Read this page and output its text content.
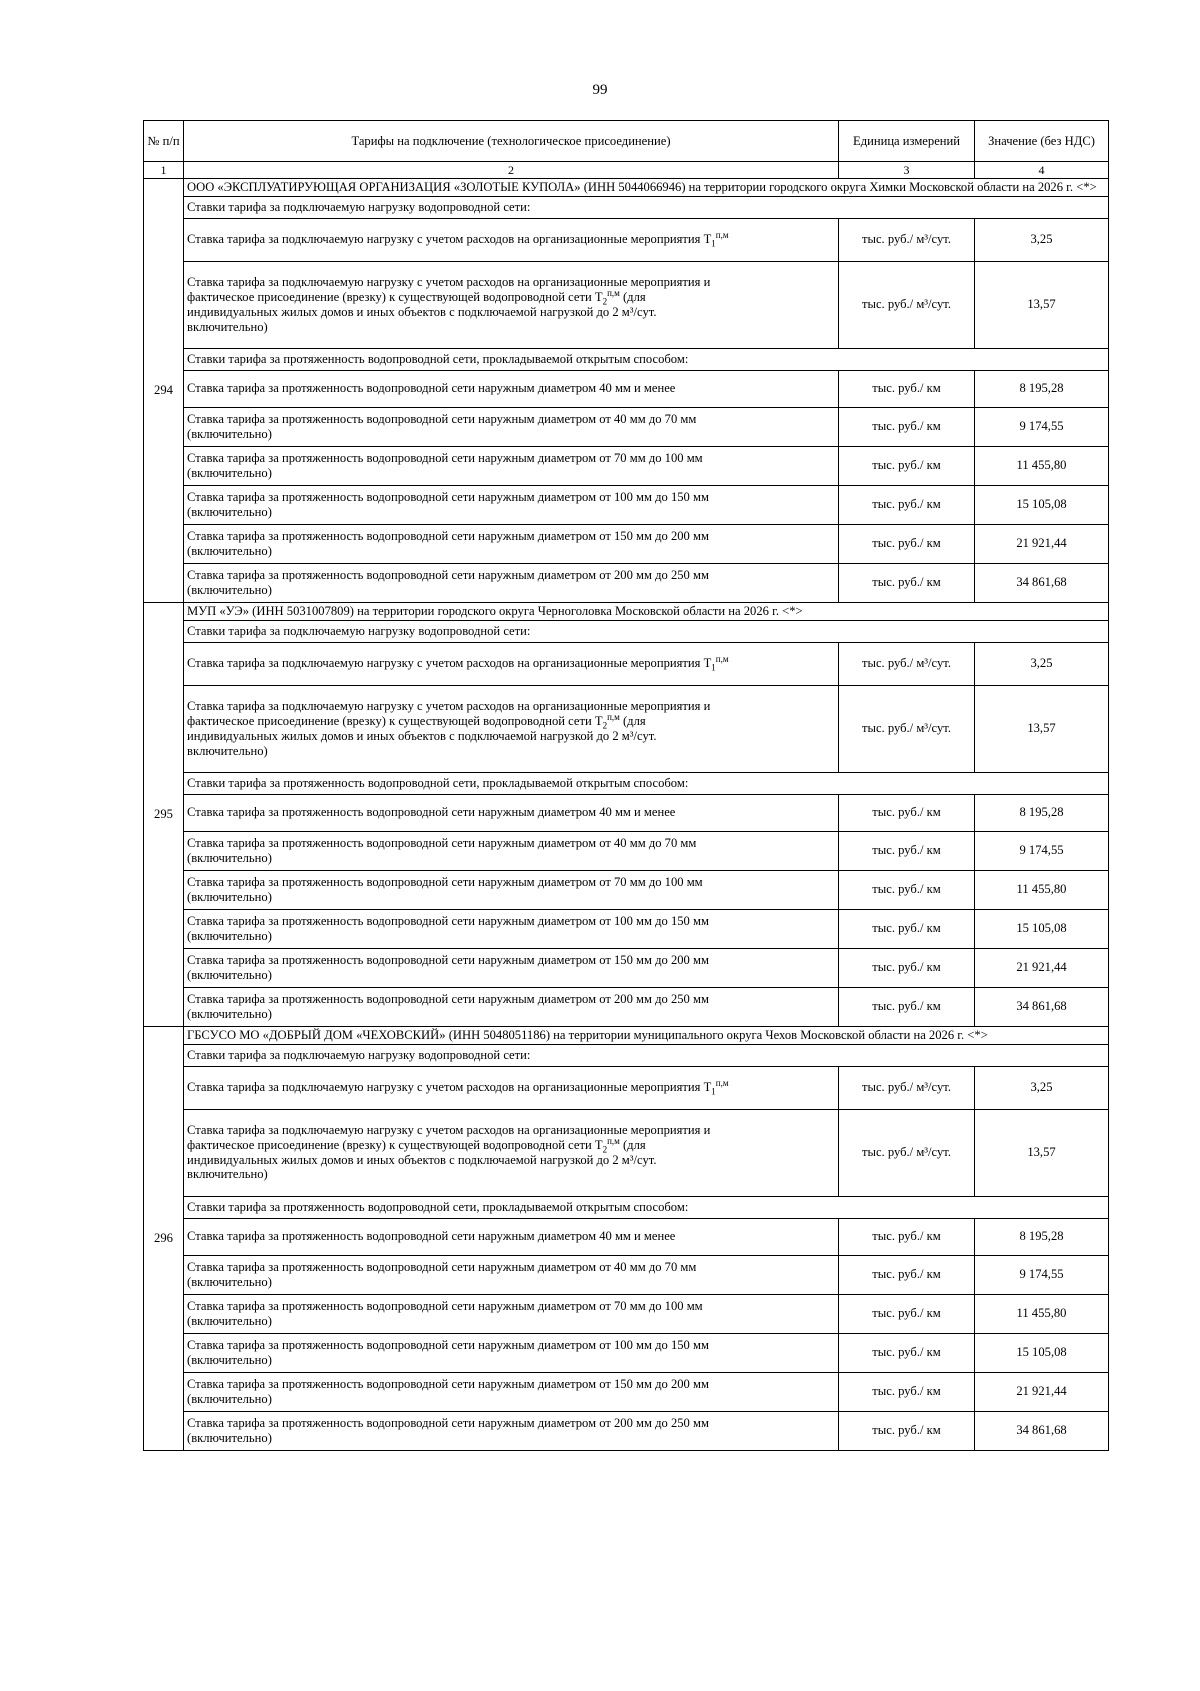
99
№ п/п	Тарифы на подключение (технологическое присоединение)	Единица измерений	Значение (без НДС)
1	2	3	4
294	ООО «ЭКСПЛУАТИРУЮЩАЯ ОРГАНИЗАЦИЯ «ЗОЛОТЫЕ КУПОЛА» (ИНН 5044066946) на территории городского округа Химки Московской области на 2026 г. <*>		
	Ставки тарифа за подключаемую нагрузку водопроводной сети:		
	Ставка тарифа за подключаемую нагрузку с учетом расходов на организационные мероприятия $T_1^{п,м}$	тыс. руб./ м³/сут.	3,25

	Ставка тарифа за подключаемую нагрузку с учетом расходов на организационные мероприятия и
фактическое присоединение (врезку) к существующей водопроводной сети $T_2^{п,м}$ (для
индивидуальных жилых домов и иных объектов с подключаемой нагрузкой до 2 м³/сут.
включительно)	тыс. руб./ м³/сут.	13,57
	Ставки тарифа за протяженность водопроводной сети, прокладываемой открытым способом:		

	Ставка тарифа за протяженность водопроводной сети наружным диаметром 40 мм и менее	тыс. руб./ км	8 195,28

	Ставка тарифа за протяженность водопроводной сети наружным диаметром от 40 мм до 70 мм
(включительно)	тыс. руб./ км	9 174,55

	Ставка тарифа за протяженность водопроводной сети наружным диаметром от 70 мм до 100 мм
(включительно)	тыс. руб./ км	11 455,80

	Ставка тарифа за протяженность водопроводной сети наружным диаметром от 100 мм до 150 мм
(включительно)	тыс. руб./ км	15 105,08

	Ставка тарифа за протяженность водопроводной сети наружным диаметром от 150 мм до 200 мм
(включительно)	тыс. руб./ км	21 921,44

	Ставка тарифа за протяженность водопроводной сети наружным диаметром от 200 мм до 250 мм
(включительно)	тыс. руб./ км	34 861,68
295	МУП «УЭ» (ИНН 5031007809) на территории городского округа Черноголовка Московской области на 2026 г. <*>		
	Ставки тарифа за подключаемую нагрузку водопроводной сети:		
	Ставка тарифа за подключаемую нагрузку с учетом расходов на организационные мероприятия $T_1^{п,м}$	тыс. руб./ м³/сут.	3,25

	Ставка тарифа за подключаемую нагрузку с учетом расходов на организационные мероприятия и
фактическое присоединение (врезку) к существующей водопроводной сети $T_2^{п,м}$ (для
индивидуальных жилых домов и иных объектов с подключаемой нагрузкой до 2 м³/сут.
включительно)	тыс. руб./ м³/сут.	13,57
	Ставки тарифа за протяженность водопроводной сети, прокладываемой открытым способом:		

	Ставка тарифа за протяженность водопроводной сети наружным диаметром 40 мм и менее	тыс. руб./ км	8 195,28

	Ставка тарифа за протяженность водопроводной сети наружным диаметром от 40 мм до 70 мм
(включительно)	тыс. руб./ км	9 174,55

	Ставка тарифа за протяженность водопроводной сети наружным диаметром от 70 мм до 100 мм
(включительно)	тыс. руб./ км	11 455,80

	Ставка тарифа за протяженность водопроводной сети наружным диаметром от 100 мм до 150 мм
(включительно)	тыс. руб./ км	15 105,08

	Ставка тарифа за протяженность водопроводной сети наружным диаметром от 150 мм до 200 мм
(включительно)	тыс. руб./ км	21 921,44

	Ставка тарифа за протяженность водопроводной сети наружным диаметром от 200 мм до 250 мм
(включительно)	тыс. руб./ км	34 861,68
296	ГБСУСО МО «ДОБРЫЙ ДОМ «ЧЕХОВСКИЙ» (ИНН 5048051186) на территории муниципального округа Чехов Московской области на 2026 г. <*>		
	Ставки тарифа за подключаемую нагрузку водопроводной сети:		
	Ставка тарифа за подключаемую нагрузку с учетом расходов на организационные мероприятия $T_1^{п,м}$	тыс. руб./ м³/сут.	3,25

	Ставка тарифа за подключаемую нагрузку с учетом расходов на организационные мероприятия и
фактическое присоединение (врезку) к существующей водопроводной сети $T_2^{п,м}$ (для
индивидуальных жилых домов и иных объектов с подключаемой нагрузкой до 2 м³/сут.
включительно)	тыс. руб./ м³/сут.	13,57
	Ставки тарифа за протяженность водопроводной сети, прокладываемой открытым способом:		

	Ставка тарифа за протяженность водопроводной сети наружным диаметром 40 мм и менее	тыс. руб./ км	8 195,28

	Ставка тарифа за протяженность водопроводной сети наружным диаметром от 40 мм до 70 мм
(включительно)	тыс. руб./ км	9 174,55

	Ставка тарифа за протяженность водопроводной сети наружным диаметром от 70 мм до 100 мм
(включительно)	тыс. руб./ км	11 455,80

	Ставка тарифа за протяженность водопроводной сети наружным диаметром от 100 мм до 150 мм
(включительно)	тыс. руб./ км	15 105,08

	Ставка тарифа за протяженность водопроводной сети наружным диаметром от 150 мм до 200 мм
(включительно)	тыс. руб./ км	21 921,44

	Ставка тарифа за протяженность водопроводной сети наружным диаметром от 200 мм до 250 мм
(включительно)	тыс. руб./ км	34 861,68
